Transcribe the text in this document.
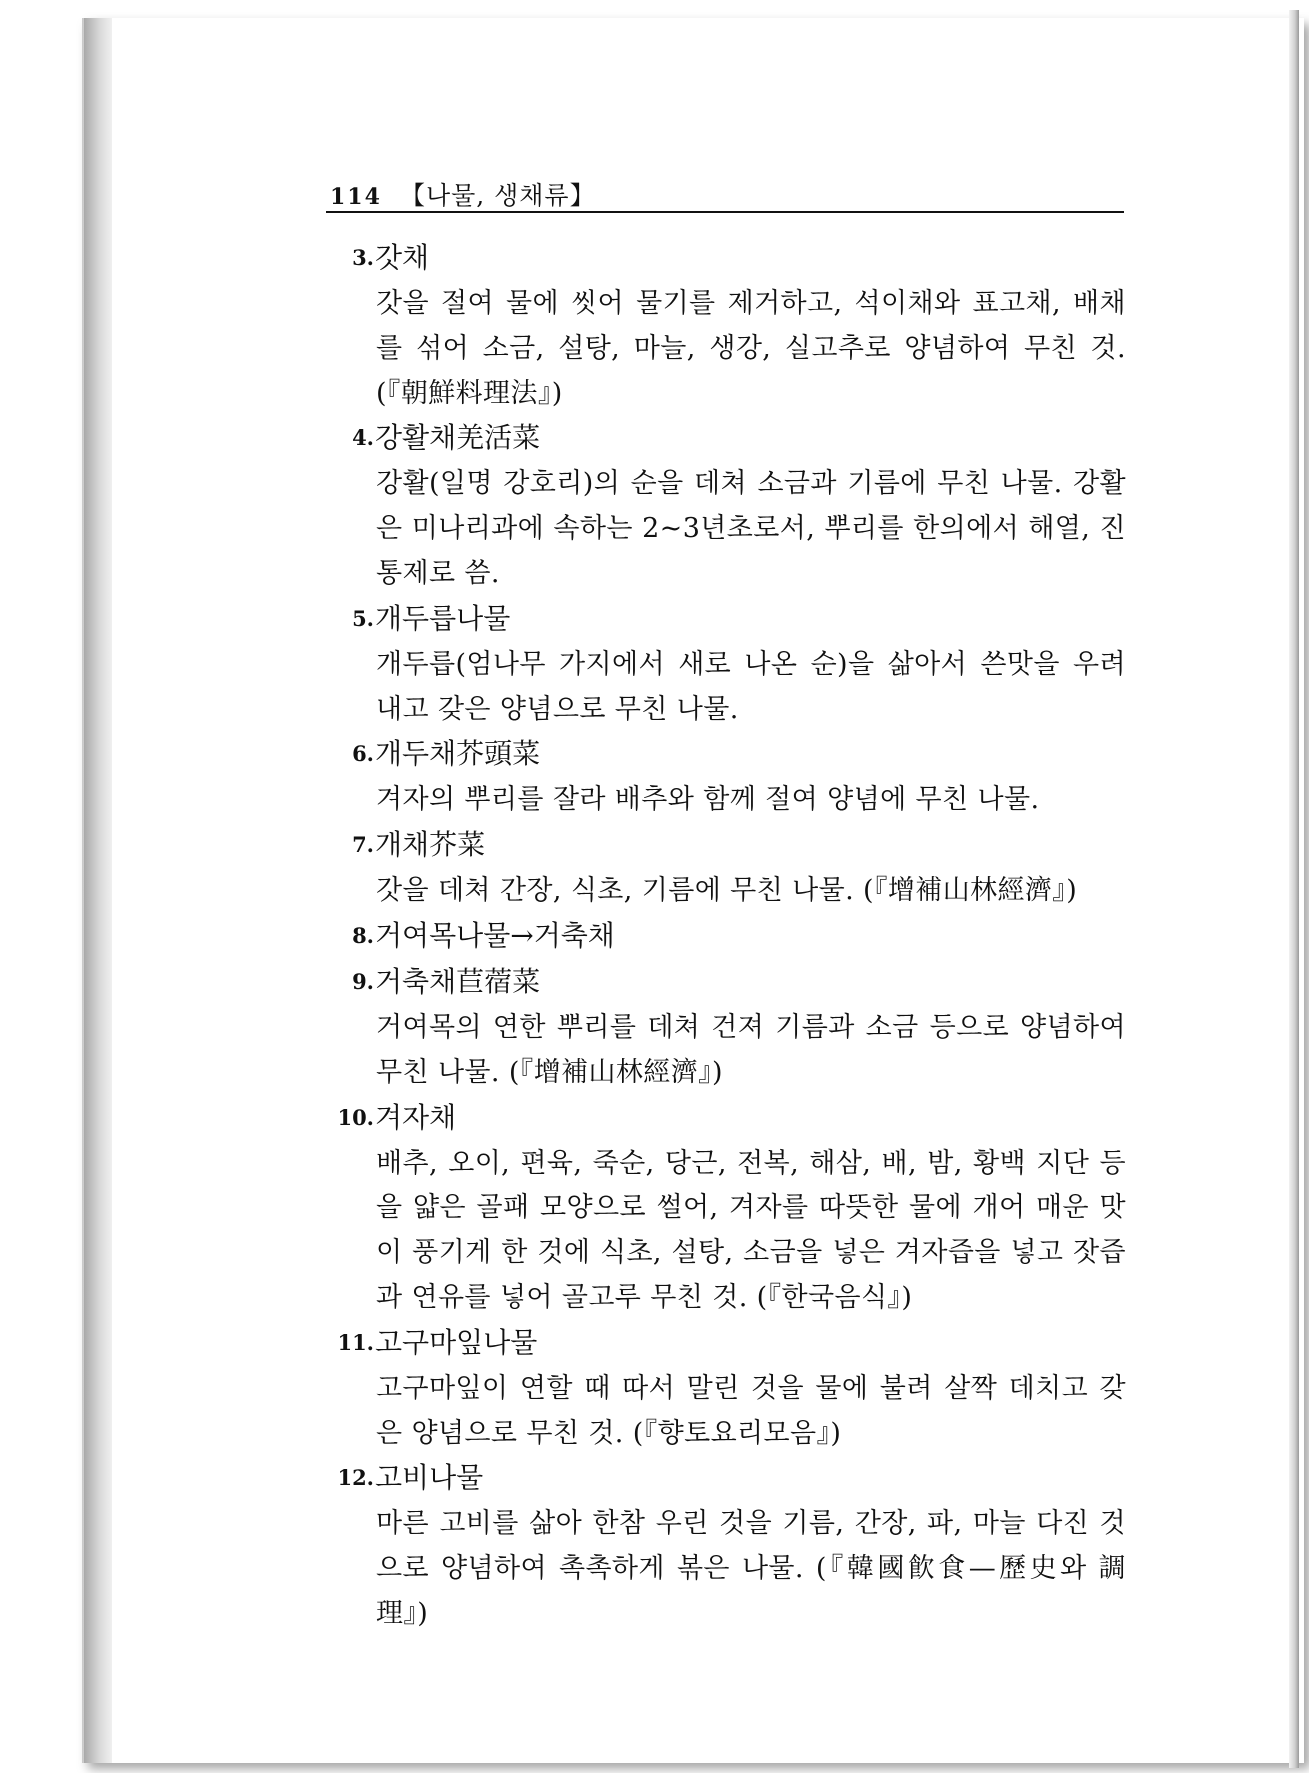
114 【나물, 생채류】
3. 갓채
갓을 절여 물에 씻어 물기를 제거하고, 석이채와 표고채, 배채를 섞어 소금, 설탕, 마늘, 생강, 실고추로 양념하여 무친 것. (『朝鮮料理法』)
4. 강활채羌活菜
강활(일명 강호리)의 순을 데쳐 소금과 기름에 무친 나물. 강활은 미나리과에 속하는 2~3년초로서, 뿌리를 한의에서 해열, 진통제로 씀.
5. 개두릅나물
개두릅(엄나무 가지에서 새로 나온 순)을 삶아서 쓴맛을 우려 내고 갖은 양념으로 무친 나물.
6. 개두채芥頭菜
겨자의 뿌리를 잘라 배추와 함께 절여 양념에 무친 나물.
7. 개채芥菜
갓을 데쳐 간장, 식초, 기름에 무친 나물. (『增補山林經濟』)
8. 거여목나물→거축채
9. 거축채苣蓿菜
거여목의 연한 뿌리를 데쳐 건져 기름과 소금 등으로 양념하여 무친 나물. (『增補山林經濟』)
10. 겨자채
배추, 오이, 편육, 죽순, 당근, 전복, 해삼, 배, 밤, 황백 지단 등을 얇은 골패 모양으로 썰어, 겨자를 따뜻한 물에 개어 매운 맛이 풍기게 한 것에 식초, 설탕, 소금을 넣은 겨자즙을 넣고 잣즙과 연유를 넣어 골고루 무친 것. (『한국음식』)
11. 고구마잎나물
고구마잎이 연할 때 따서 말린 것을 물에 불려 살짝 데치고 갖은 양념으로 무친 것. (『향토요리모음』)
12. 고비나물
마른 고비를 삶아 한참 우린 것을 기름, 간장, 파, 마늘 다진 것으로 양념하여 촉촉하게 볶은 나물. (『韓國飮食—歷史와 調理』)
